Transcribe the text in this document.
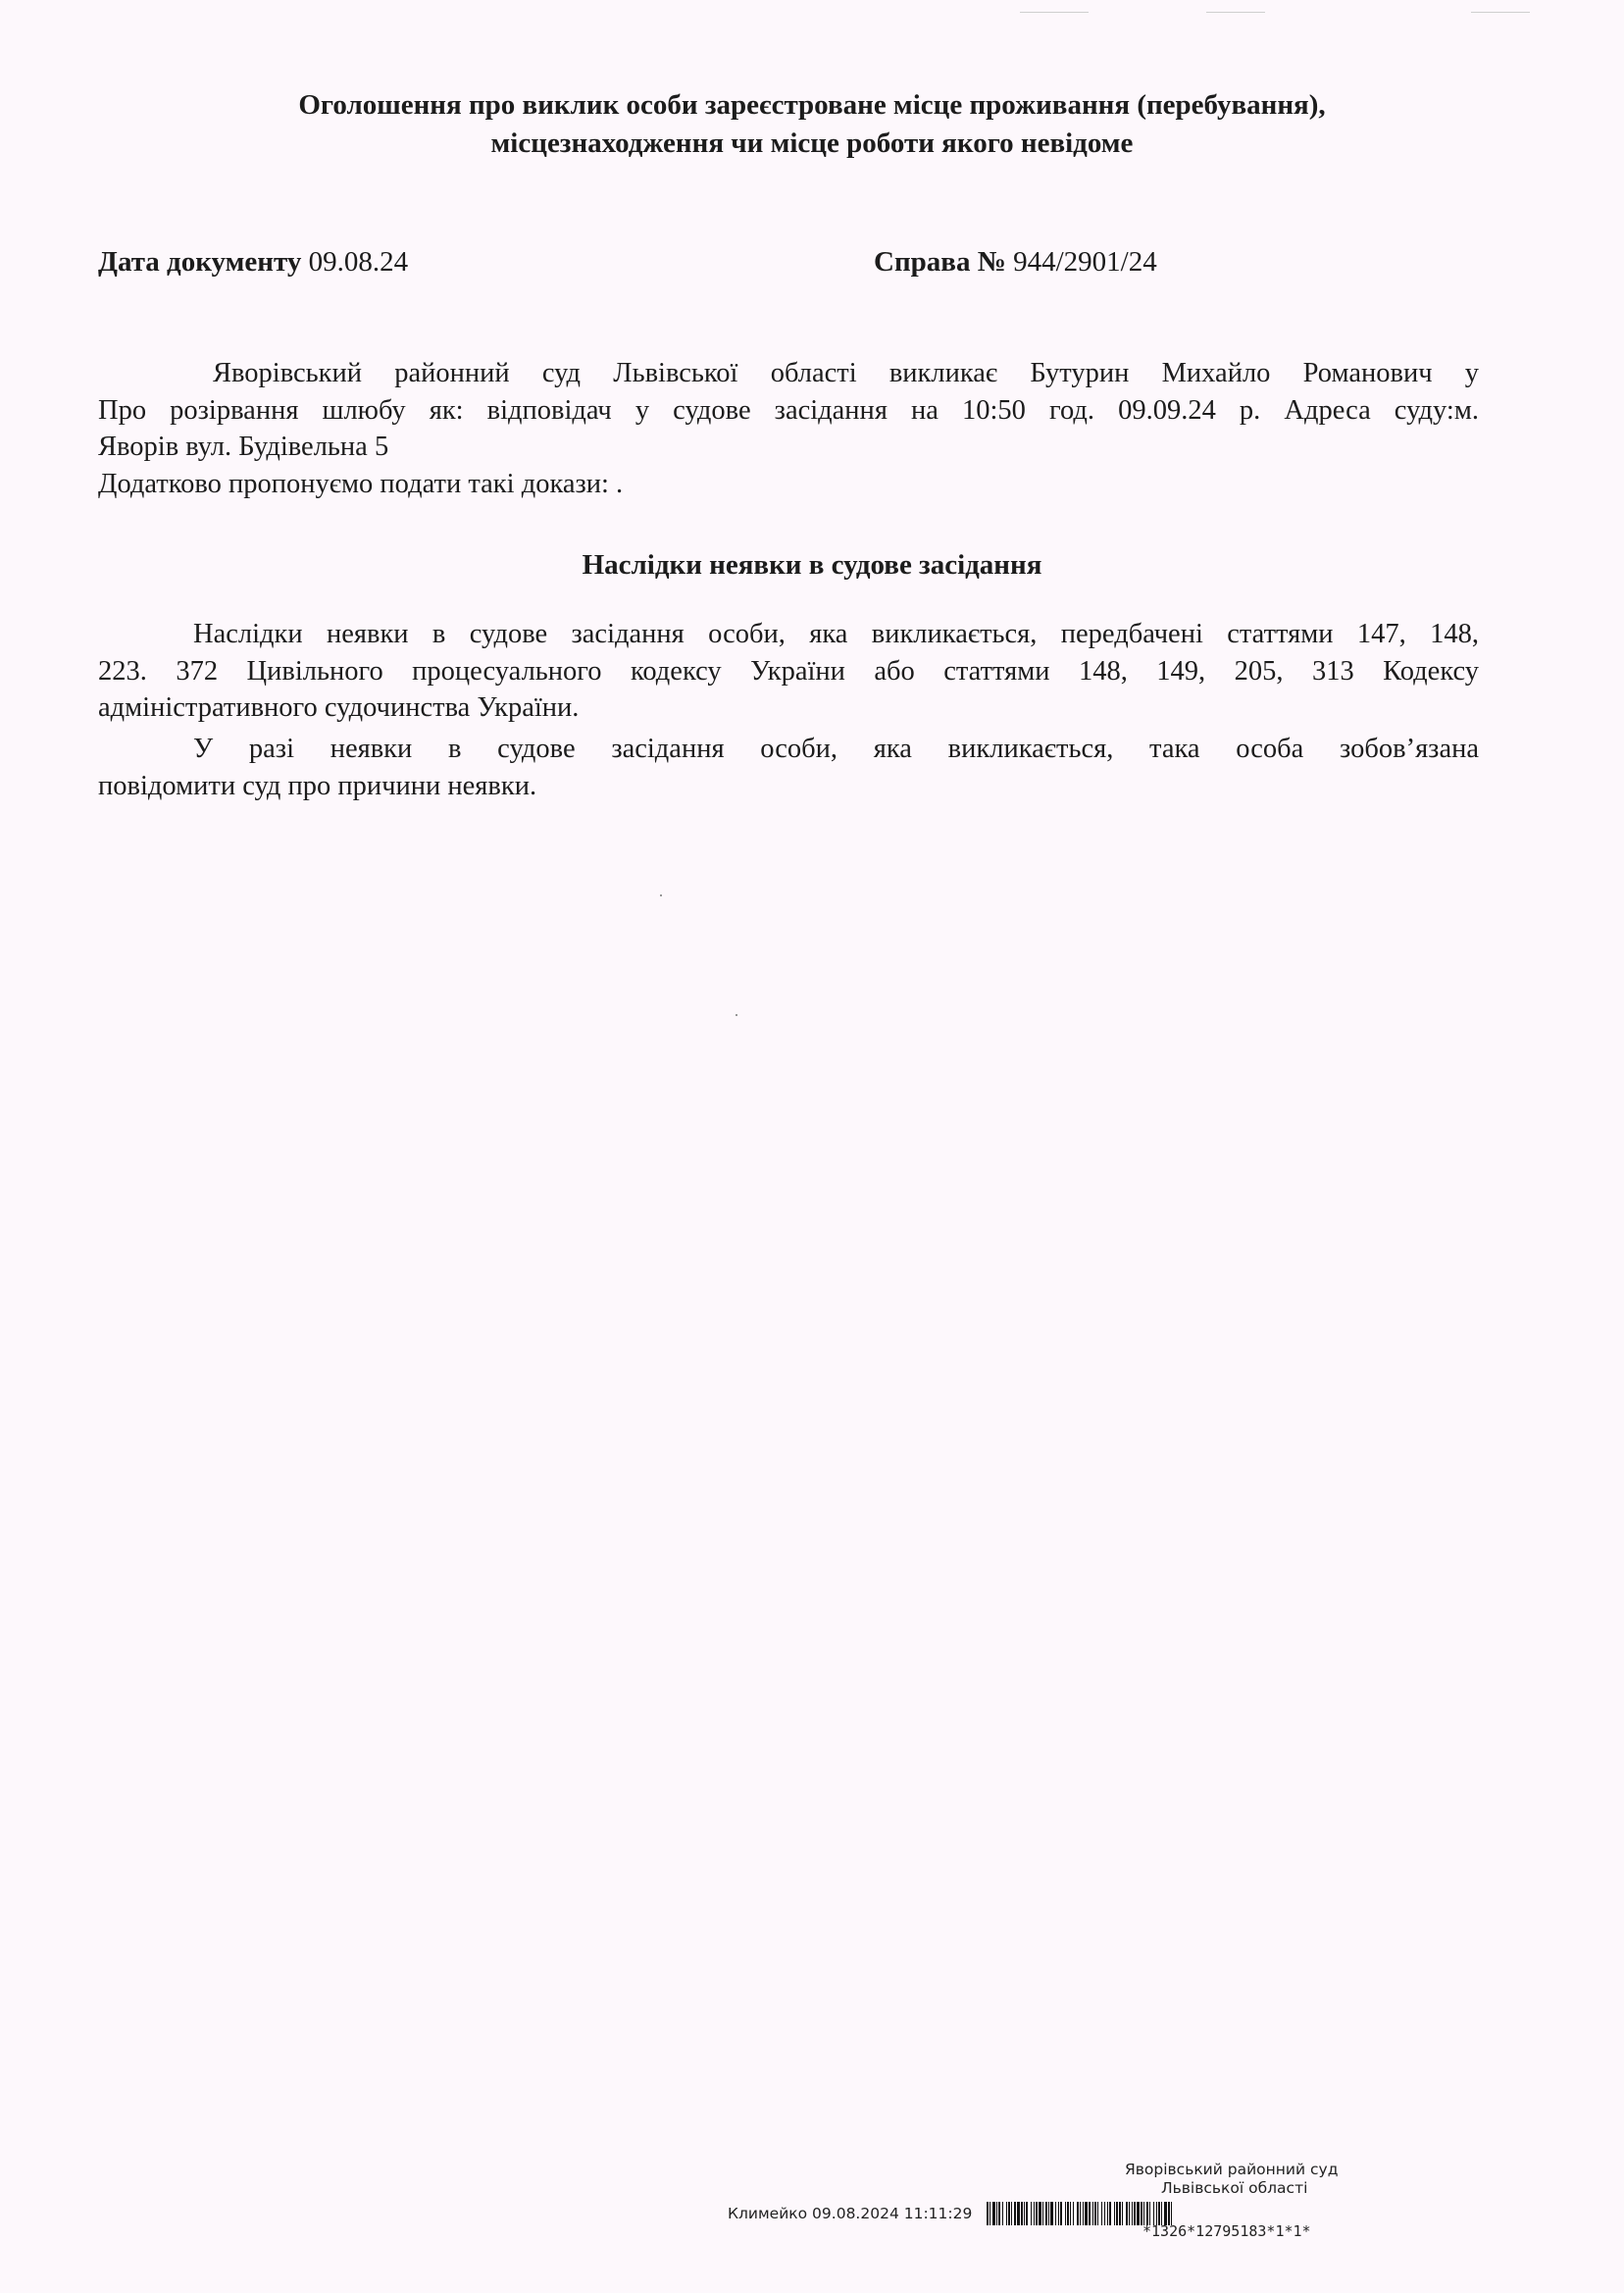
Оголошення про виклик особи зареєстроване місце проживання (перебування),
місцезнаходження чи місце роботи якого невідоме
Дата документу 09.08.24	Справа № 944/2901/24
Яворівський районний суд Львівської області викликає Бутурин Михайло Романович у
Про розірвання шлюбу як: відповідач у судове засідання на 10:50 год. 09.09.24 р. Адреса суду:м.
Яворів вул. Будівельна 5
Додатково пропонуємо подати такі докази: .
Наслідки неявки в судове засідання
Наслідки неявки в судове засідання особи, яка викликається, передбачені статтями 147, 148,
223. 372 Цивільного процесуального кодексу України або статтями 148, 149, 205, 313 Кодексу
адміністративного судочинства України.
У разі неявки в судове засідання особи, яка викликається, така особа зобов’язана
повідомити суд про причини неявки.
Яворівський районний суд
Львівської області
Климейко 09.08.2024 11:11:29
*1326*12795183*1*1*
